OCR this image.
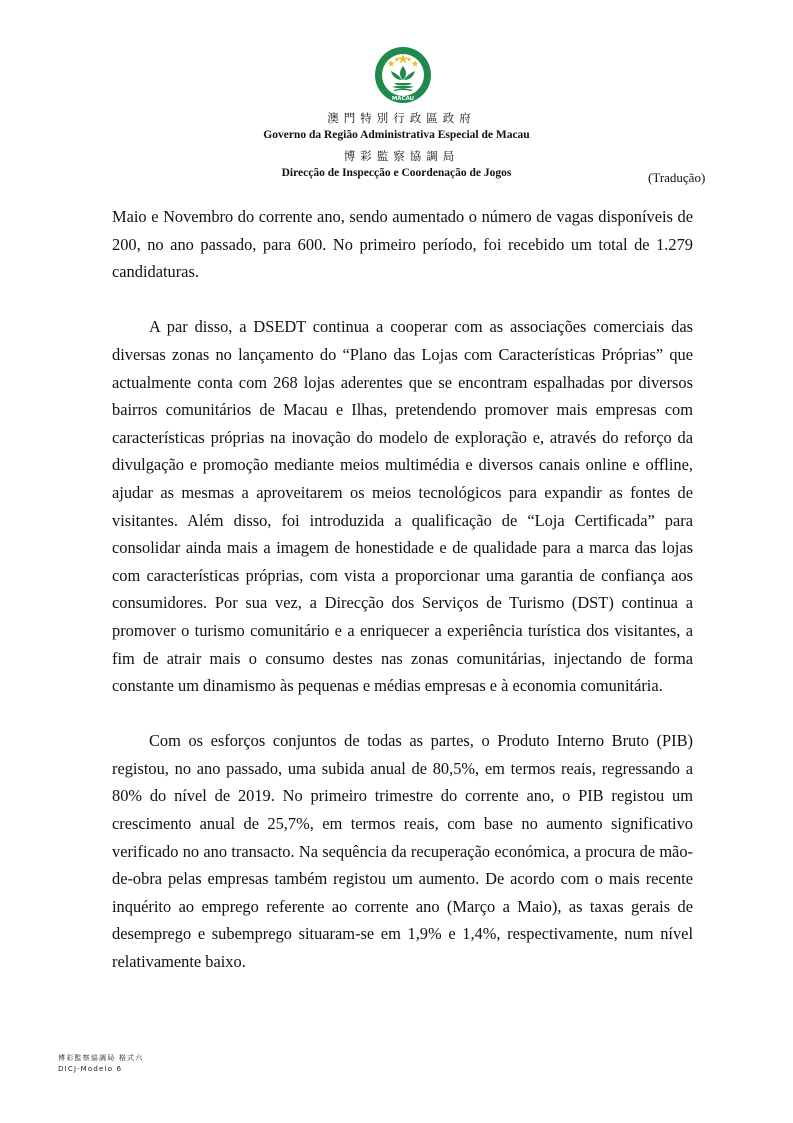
MACAU
澳門特別行政區政府
Governo da Região Administrativa Especial de Macau
博彩監察協調局
Direcção de Inspecção e Coordenação de Jogos	(Tradução)

Maio e Novembro do corrente ano, sendo aumentado o número de vagas disponíveis de 200, no ano passado, para 600. No primeiro período, foi recebido um total de 1.279 candidaturas.

A par disso, a DSEDT continua a cooperar com as associações comerciais das diversas zonas no lançamento do “Plano das Lojas com Características Próprias” que actualmente conta com 268 lojas aderentes que se encontram espalhadas por diversos bairros comunitários de Macau e Ilhas, pretendendo promover mais empresas com características próprias na inovação do modelo de exploração e, através do reforço da divulgação e promoção mediante meios multimédia e diversos canais online e offline, ajudar as mesmas a aproveitarem os meios tecnológicos para expandir as fontes de visitantes. Além disso, foi introduzida a qualificação de “Loja Certificada” para consolidar ainda mais a imagem de honestidade e de qualidade para a marca das lojas com características próprias, com vista a proporcionar uma garantia de confiança aos consumidores. Por sua vez, a Direcção dos Serviços de Turismo (DST) continua a promover o turismo comunitário e a enriquecer a experiência turística dos visitantes, a fim de atrair mais o consumo destes nas zonas comunitárias, injectando de forma constante um dinamismo às pequenas e médias empresas e à economia comunitária.

Com os esforços conjuntos de todas as partes, o Produto Interno Bruto (PIB) registou, no ano passado, uma subida anual de 80,5%, em termos reais, regressando a 80% do nível de 2019. No primeiro trimestre do corrente ano, o PIB registou um crescimento anual de 25,7%, em termos reais, com base no aumento significativo verificado no ano transacto. Na sequência da recuperação económica, a procura de mão-de-obra pelas empresas também registou um aumento. De acordo com o mais recente inquérito ao emprego referente ao corrente ano (Março a Maio), as taxas gerais de desemprego e subemprego situaram-se em 1,9% e 1,4%, respectivamente, num nível relativamente baixo.

博彩監察協調局 格式六
DICJ-Modelo 6
